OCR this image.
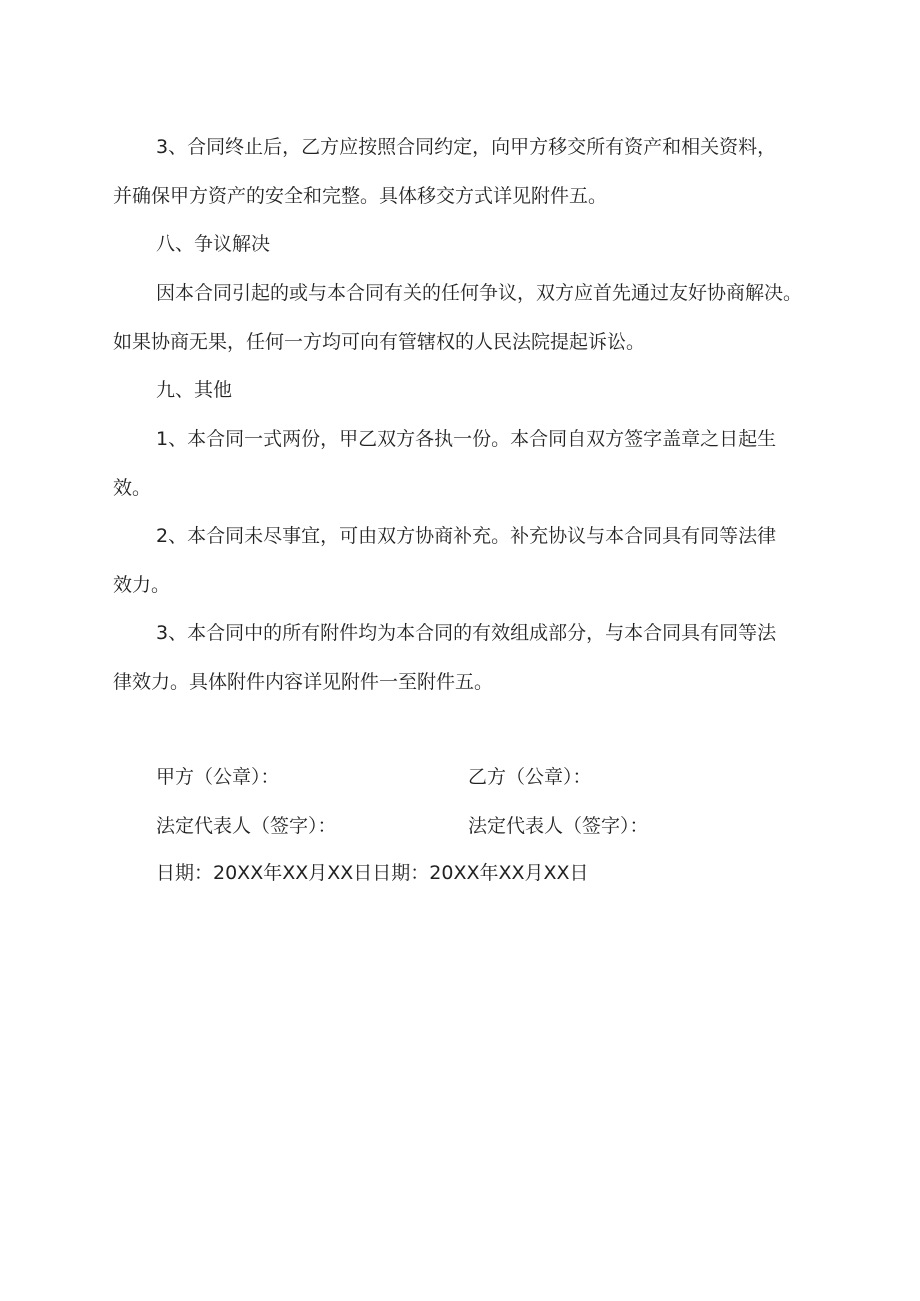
3、合同终止后，乙方应按照合同约定，向甲方移交所有资产和相关资料，
并确保甲方资产的安全和完整。具体移交方式详见附件五。
八、争议解决
因本合同引起的或与本合同有关的任何争议，双方应首先通过友好协商解决。
如果协商无果，任何一方均可向有管辖权的人民法院提起诉讼。
九、其他
1、本合同一式两份，甲乙双方各执一份。本合同自双方签字盖章之日起生
效。
2、本合同未尽事宜，可由双方协商补充。补充协议与本合同具有同等法律
效力。
3、本合同中的所有附件均为本合同的有效组成部分，与本合同具有同等法
律效力。具体附件内容详见附件一至附件五。
甲方（公章）：	乙方（公章）：
法定代表人（签字）：	法定代表人（签字）：
日期：20XX年XX月XX日日期：20XX年XX月XX日
